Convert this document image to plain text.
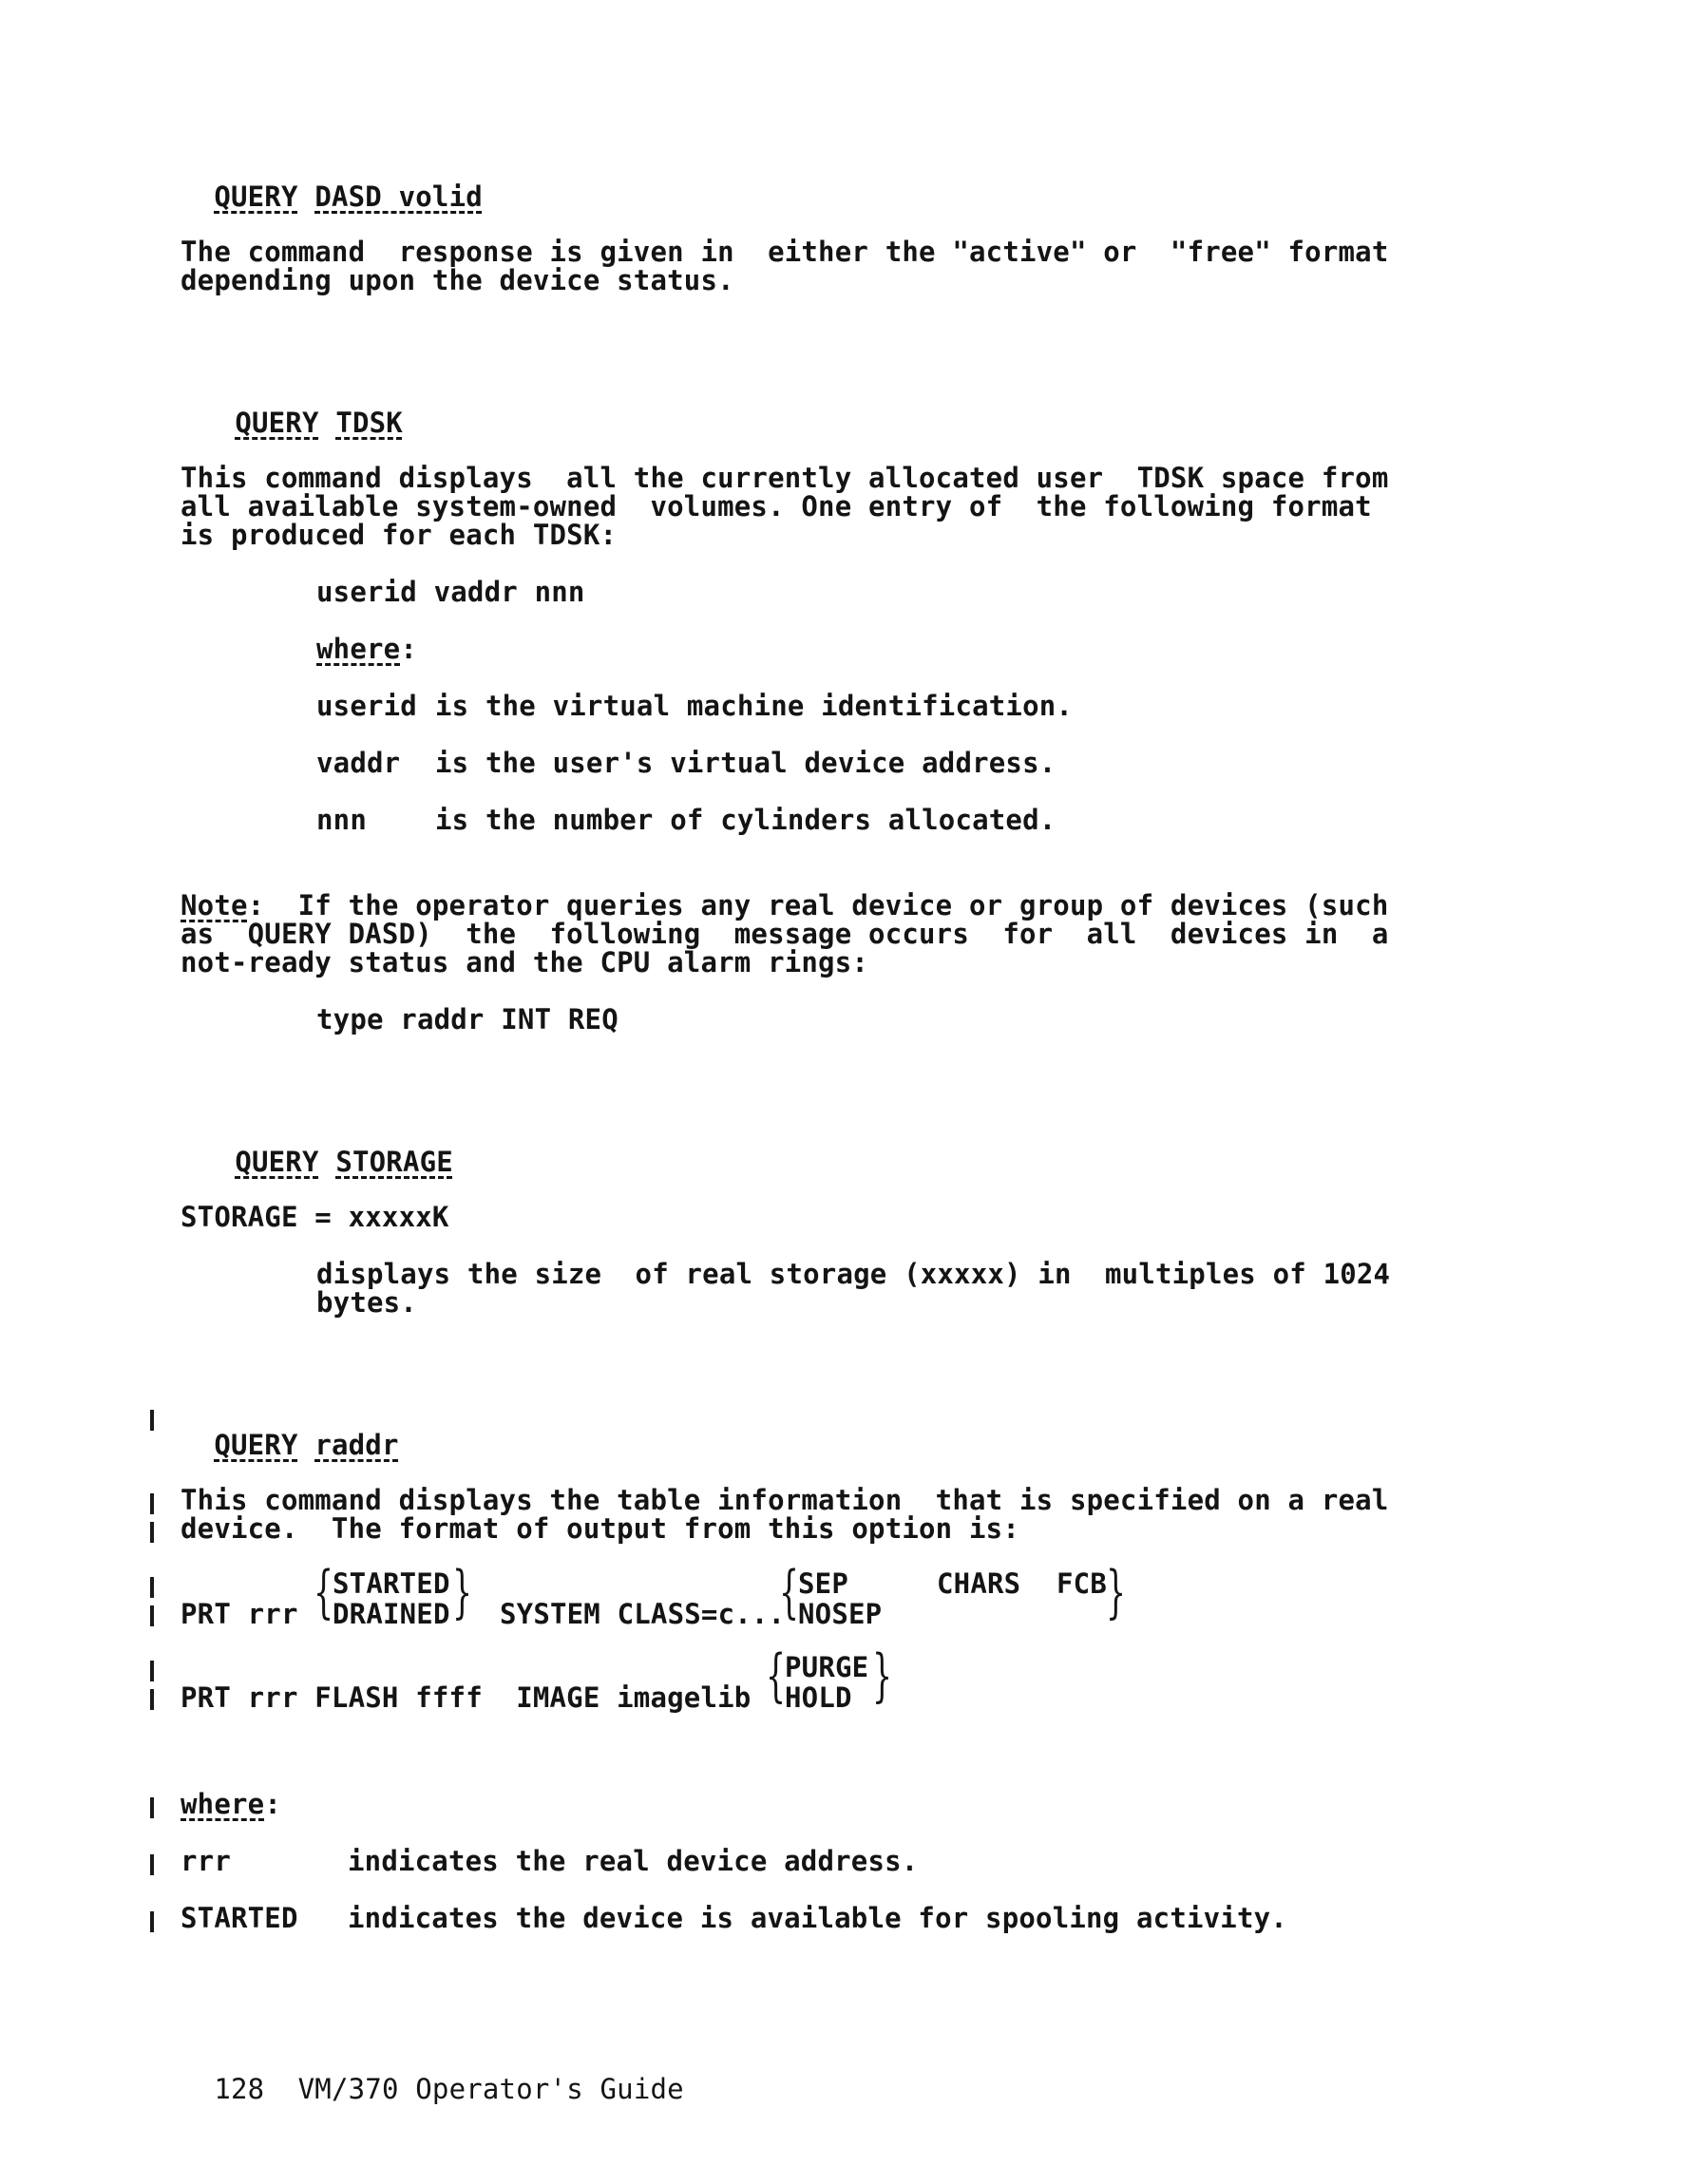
QUERY DASD volid

The command  response is given in  either the "active" or  "free" format
depending upon the device status.

QUERY TDSK

This command displays  all the currently allocated user  TDSK space from
all available system-owned  volumes. One entry of  the following format
is produced for each TDSK:
userid vaddr nnn
where:
userid is the virtual machine identification.
vaddr is the user's virtual device address.
nnn is the number of cylinders allocated.
Note:  If the operator queries any real device or group of devices (such
as  QUERY DASD)  the  following  message occurs  for  all  devices in  a
not-ready status and the CPU alarm rings:
type raddr INT REQ

QUERY STORAGE

STORAGE = xxxxxK
displays the size  of real storage (xxxxx) in  multiples of 1024
bytes.

QUERY raddr

This command displays the table information  that is specified on a real
device.  The format of output from this option is:
PRT rrr {
STARTED
DRAINED } SYSTEM CLASS=c...
{
SEP
NOSEP
CHARS FCB }
PRT rrr FLASH ffff  IMAGE imagelib {
PURGE
HOLD }
where:
rrr	indicates the real device address.
STARTED indicates the device is available for spooling activity.

128 VM/370 Operator's Guide
